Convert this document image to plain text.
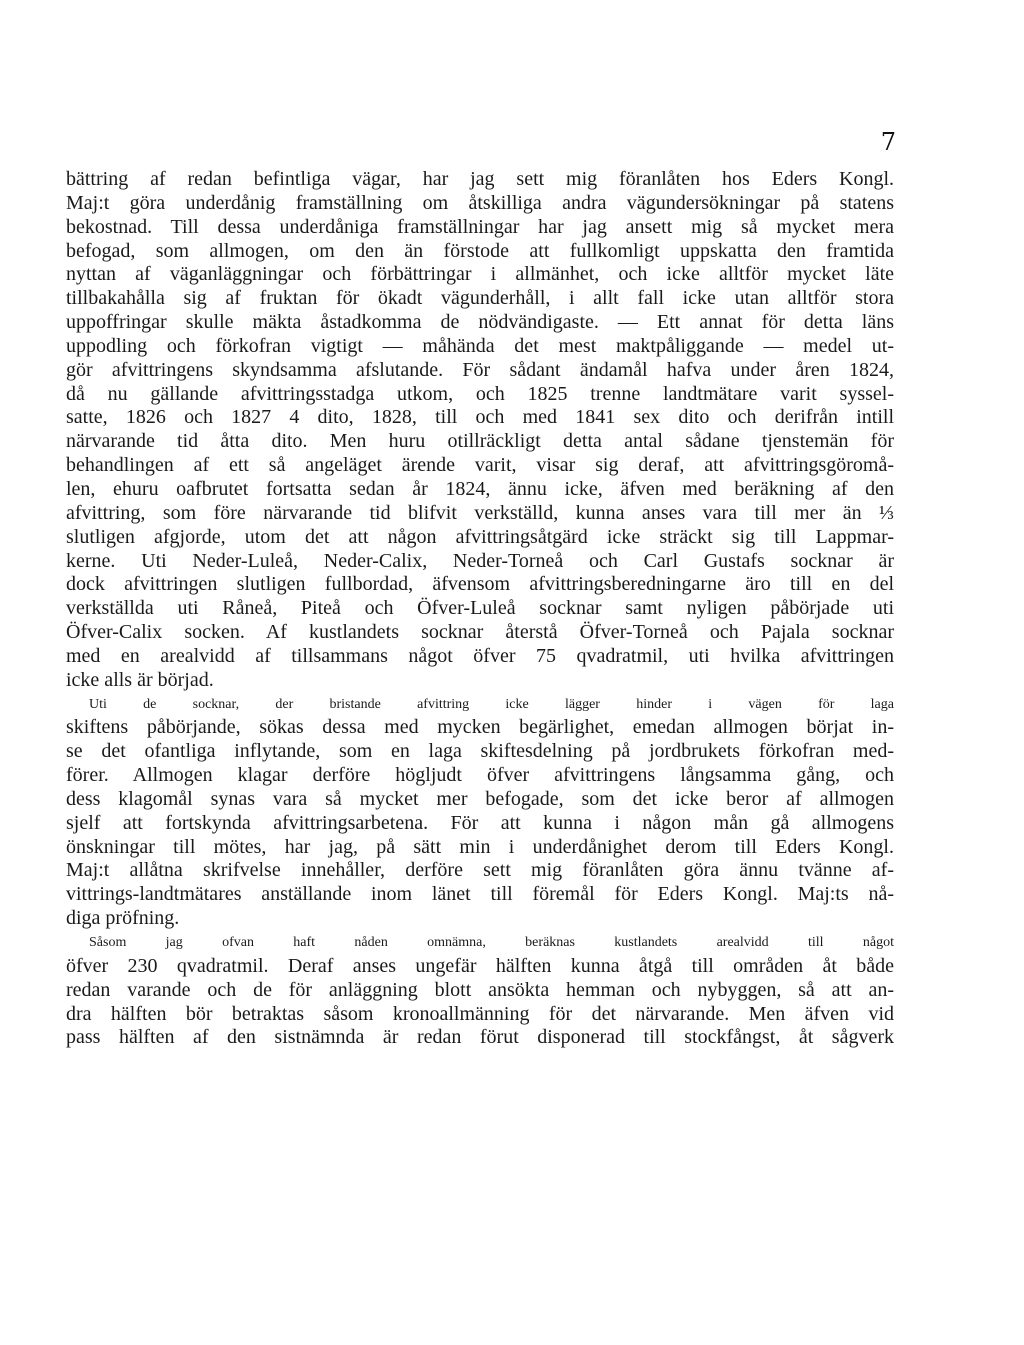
7
bättring af redan befintliga vägar, har jag sett mig föranlåten hos Eders Kongl.
Maj:t göra underdånig framställning om åtskilliga andra vägundersökningar på statens
bekostnad. Till dessa underdåniga framställningar har jag ansett mig så mycket mera
befogad, som allmogen, om den än förstode att fullkomligt uppskatta den framtida
nyttan af väganläggningar och förbättringar i allmänhet, och icke alltför mycket läte
tillbakahålla sig af fruktan för ökadt vägunderhåll, i allt fall icke utan alltför stora
uppoffringar skulle mäkta åstadkomma de nödvändigaste. — Ett annat för detta läns
uppodling och förkofran vigtigt — måhända det mest maktpåliggande — medel ut-
gör afvittringens skyndsamma afslutande. För sådant ändamål hafva under åren 1824,
då nu gällande afvittringsstadga utkom, och 1825 trenne landtmätare varit syssel-
satte, 1826 och 1827 4 dito, 1828, till och med 1841 sex dito och derifrån intill
närvarande tid åtta dito. Men huru otillräckligt detta antal sådane tjenstemän för
behandlingen af ett så angeläget ärende varit, visar sig deraf, att afvittringsgöromå-
len, ehuru oafbrutet fortsatta sedan år 1824, ännu icke, äfven med beräkning af den
afvittring, som före närvarande tid blifvit verkställd, kunna anses vara till mer än ⅓
slutligen afgjorde, utom det att någon afvittringsåtgärd icke sträckt sig till Lappmar-
kerne. Uti Neder-Luleå, Neder-Calix, Neder-Torneå och Carl Gustafs socknar är
dock afvittringen slutligen fullbordad, äfvensom afvittringsberedningarne äro till en del
verkställda uti Råneå, Piteå och Öfver-Luleå socknar samt nyligen påbörjade uti
Öfver-Calix socken. Af kustlandets socknar återstå Öfver-Torneå och Pajala socknar
med en arealvidd af tillsammans något öfver 75 qvadratmil, uti hvilka afvittringen
icke alls är börjad.
Uti de socknar, der bristande afvittring icke lägger hinder i vägen för laga
skiftens påbörjande, sökas dessa med mycken begärlighet, emedan allmogen börjat in-
se det ofantliga inflytande, som en laga skiftesdelning på jordbrukets förkofran med-
förer. Allmogen klagar derföre högljudt öfver afvittringens långsamma gång, och
dess klagomål synas vara så mycket mer befogade, som det icke beror af allmogen
sjelf att fortskynda afvittringsarbetena. För att kunna i någon mån gå allmogens
önskningar till mötes, har jag, på sätt min i underdånighet derom till Eders Kongl.
Maj:t allåtna skrifvelse innehåller, derföre sett mig föranlåten göra ännu tvänne af-
vittrings-landtmätares anställande inom länet till föremål för Eders Kongl. Maj:ts nå-
diga pröfning.
Såsom jag ofvan haft nåden omnämna, beräknas kustlandets arealvidd till något
öfver 230 qvadratmil. Deraf anses ungefär hälften kunna åtgå till områden åt både
redan varande och de för anläggning blott ansökta hemman och nybyggen, så att an-
dra hälften bör betraktas såsom kronoallmänning för det närvarande. Men äfven vid
pass hälften af den sistnämnda är redan förut disponerad till stockfångst, åt sågverk
